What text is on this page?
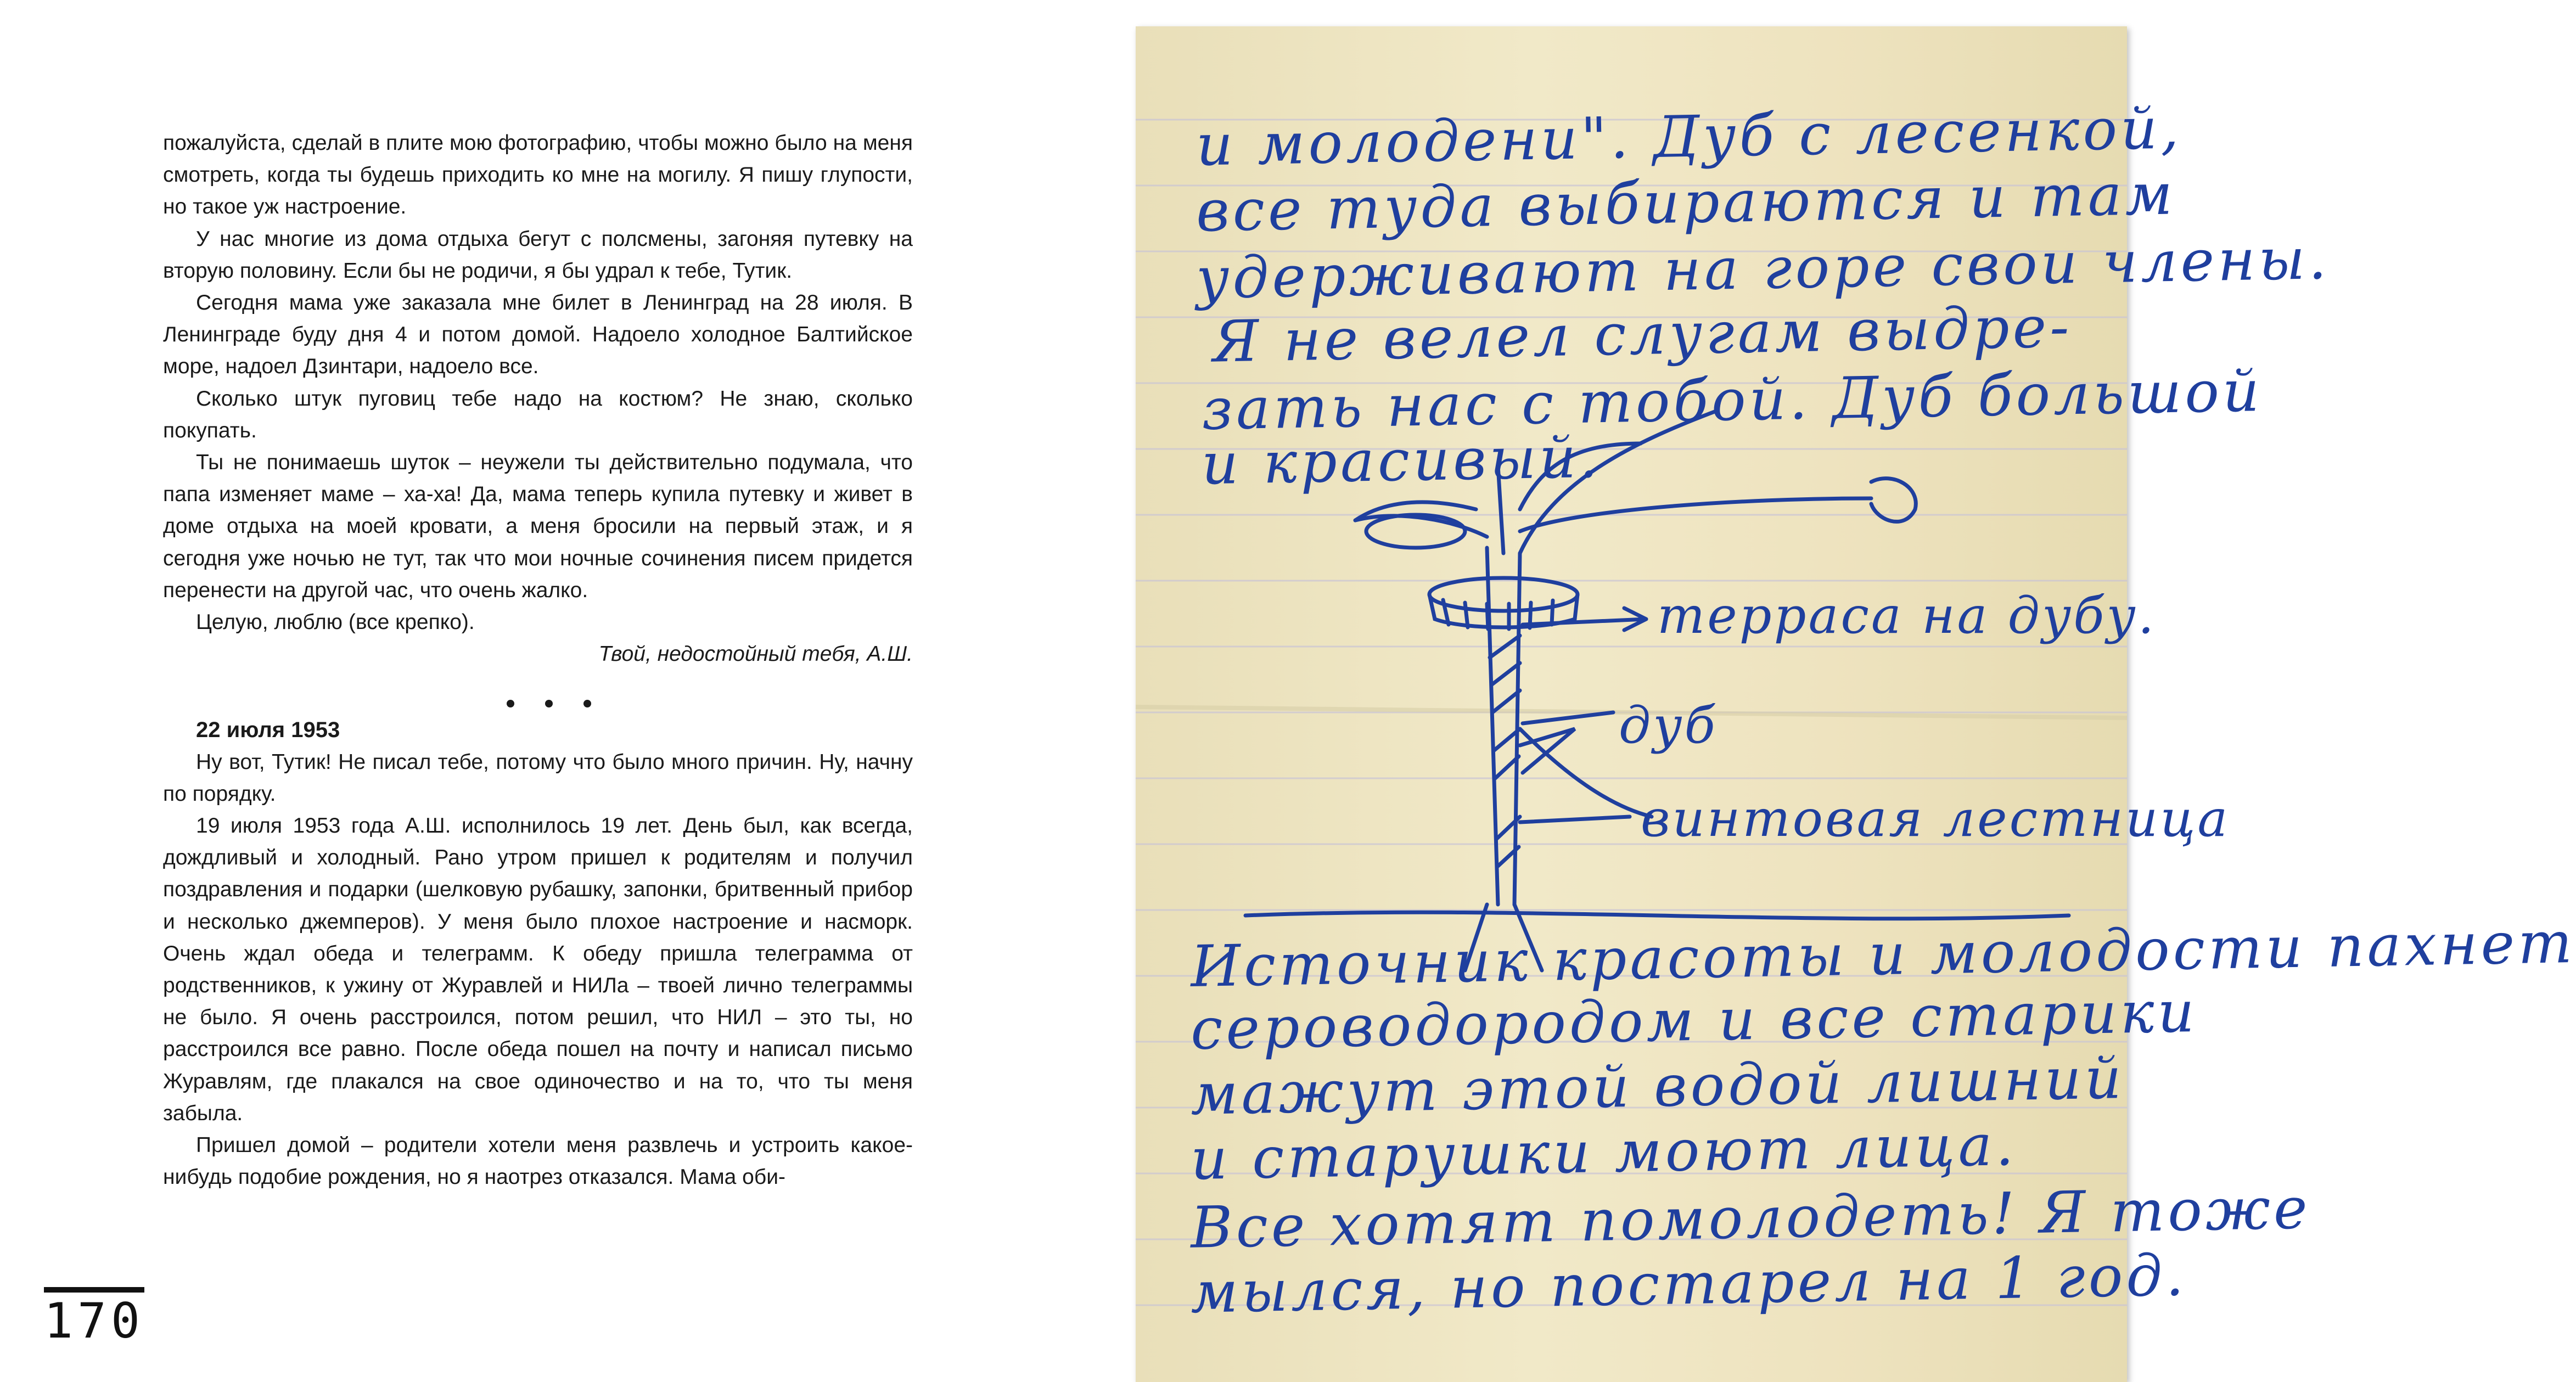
пожалуйста, сделай в плите мою фотографию, чтобы можно было на меня смотреть, когда ты будешь приходить ко мне на могилу. Я пишу глупости, но такое уж настроение.

У нас многие из дома отдыха бегут с полсмены, загоняя путевку на вторую половину. Если бы не родичи, я бы удрал к тебе, Тутик.

Сегодня мама уже заказала мне билет в Ленинград на 28 июля. В Ленинграде буду дня 4 и потом домой. Надоело холодное Балтийское море, надоел Дзинтари, надоело все.

Сколько штук пуговиц тебе надо на костюм? Не знаю, сколько покупать.

Ты не понимаешь шуток – неужели ты действительно подумала, что папа изменяет маме – ха-ха! Да, мама теперь купила путевку и живет в доме отдыха на моей кровати, а меня бросили на первый этаж, и я сегодня уже ночью не тут, так что мои ночные сочинения писем придется перенести на другой час, что очень жалко.

Целую, люблю (все крепко).

Твой, недостойный тебя, А.Ш.

22 июля 1953

Ну вот, Тутик! Не писал тебе, потому что было много причин. Ну, начну по порядку.

19 июля 1953 года А.Ш. исполнилось 19 лет. День был, как всегда, дождливый и холодный. Рано утром пришел к родителям и получил поздравления и подарки (шелковую рубашку, запонки, бритвенный прибор и несколько джемперов). У меня было плохое настроение и насморк. Очень ждал обеда и телеграмм. К обеду пришла телеграмма от родственников, к ужину от Журавлей и НИЛа – твоей лично телеграммы не было. Я очень расстроился, потом решил, что НИЛ – это ты, но расстроился все равно. После обеда пошел на почту и написал письмо Журавлям, где плакался на свое одиночество и на то, что ты меня забыла.

Пришел домой – родители хотели меня развлечь и устроить какое-нибудь подобие рождения, но я наотрез отказался. Мама оби-

170
и молодени". Дуб с лесенкой,
все туда выбираются и там
удерживают на горе свои члены.
Я не велел слугам выдре-
зать нас с тобой. Дуб большой
и красивый.
терраса на дубу.
дуб
винтовая лестница
Источник красоты и молодости пахнет
сероводородом и все старики
мажут этой водой лишний
и старушки моют лица.
Все хотят помолодеть! Я тоже
мылся, но постарел на 1 год.
